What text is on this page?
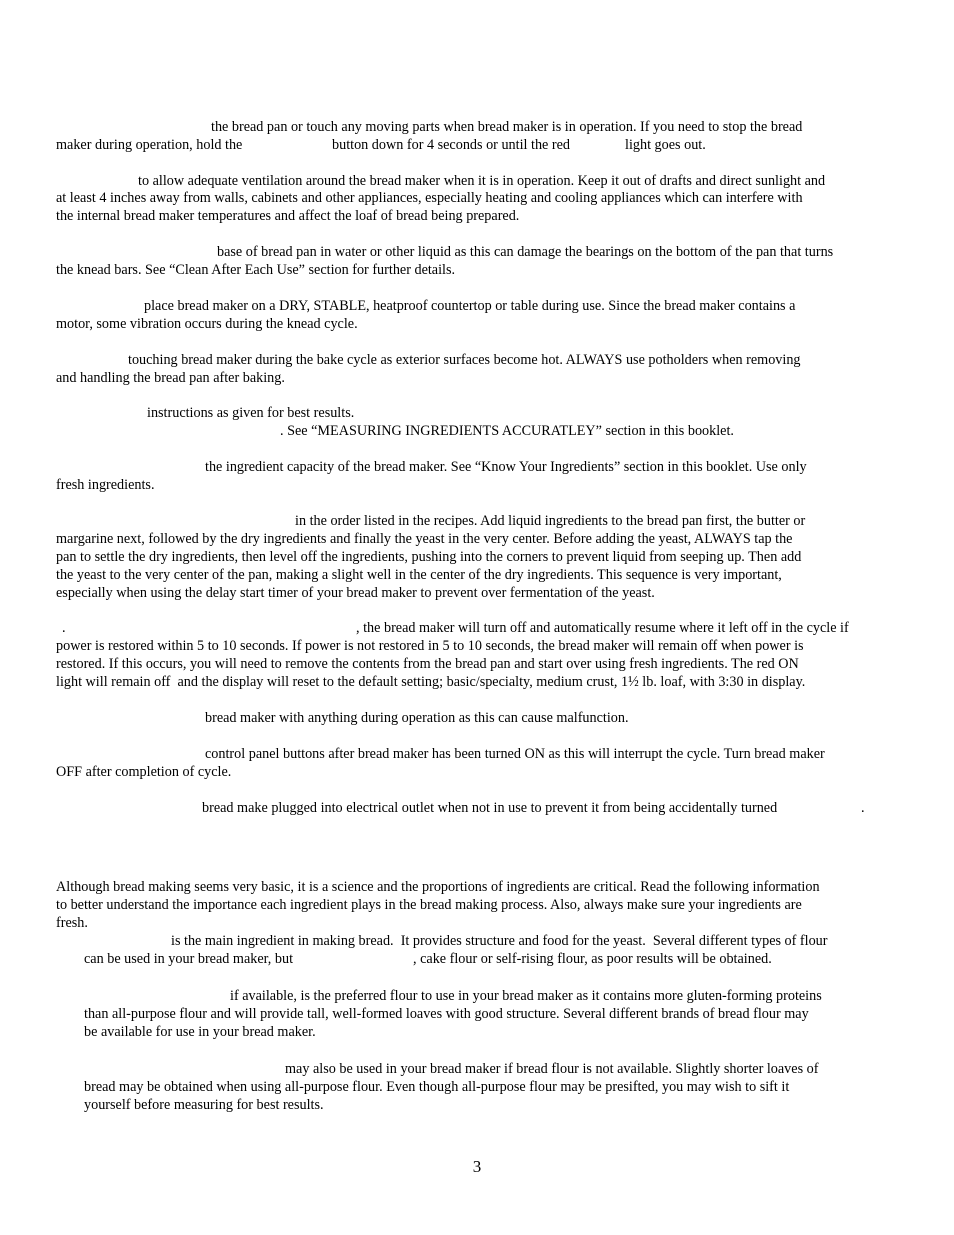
the bread pan or touch any moving parts when bread maker is in operation. If you need to stop the bread
maker during operation, hold the	button down for 4 seconds or until the red	light goes out.
to allow adequate ventilation around the bread maker when it is in operation. Keep it out of drafts and direct sunlight and
at least 4 inches away from walls, cabinets and other appliances, especially heating and cooling appliances which can interfere with
the internal bread maker temperatures and affect the loaf of bread being prepared.
base of bread pan in water or other liquid as this can damage the bearings on the bottom of the pan that turns
the knead bars. See “Clean After Each Use” section for further details.
place bread maker on a DRY, STABLE, heatproof countertop or table during use. Since the bread maker contains a
motor, some vibration occurs during the knead cycle.
touching bread maker during the bake cycle as exterior surfaces become hot. ALWAYS use potholders when removing
and handling the bread pan after baking.
instructions as given for best results.
. See “MEASURING INGREDIENTS ACCURATLEY” section in this booklet.
the ingredient capacity of the bread maker. See “Know Your Ingredients” section in this booklet. Use only
fresh ingredients.
in the order listed in the recipes. Add liquid ingredients to the bread pan first, the butter or
margarine next, followed by the dry ingredients and finally the yeast in the very center. Before adding the yeast, ALWAYS tap the
pan to settle the dry ingredients, then level off the ingredients, pushing into the corners to prevent liquid from seeping up. Then add
the yeast to the very center of the pan, making a slight well in the center of the dry ingredients. This sequence is very important,
especially when using the delay start timer of your bread maker to prevent over fermentation of the yeast.
.	, the bread maker will turn off and automatically resume where it left off in the cycle if
power is restored within 5 to 10 seconds. If power is not restored in 5 to 10 seconds, the bread maker will remain off when power is
restored. If this occurs, you will need to remove the contents from the bread pan and start over using fresh ingredients. The red ON
light will remain off  and the display will reset to the default setting; basic/specialty, medium crust, 1½ lb. loaf, with 3:30 in display.
bread maker with anything during operation as this can cause malfunction.
control panel buttons after bread maker has been turned ON as this will interrupt the cycle. Turn bread maker
OFF after completion of cycle.
bread make plugged into electrical outlet when not in use to prevent it from being accidentally turned	.
Although bread making seems very basic, it is a science and the proportions of ingredients are critical. Read the following information
to better understand the importance each ingredient plays in the bread making process. Also, always make sure your ingredients are
fresh.
is the main ingredient in making bread.  It provides structure and food for the yeast.  Several different types of flour
can be used in your bread maker, but	, cake flour or self-rising flour, as poor results will be obtained.
if available, is the preferred flour to use in your bread maker as it contains more gluten-forming proteins
than all-purpose flour and will provide tall, well-formed loaves with good structure. Several different brands of bread flour may
be available for use in your bread maker.
may also be used in your bread maker if bread flour is not available. Slightly shorter loaves of
bread may be obtained when using all-purpose flour. Even though all-purpose flour may be presifted, you may wish to sift it
yourself before measuring for best results.
3
